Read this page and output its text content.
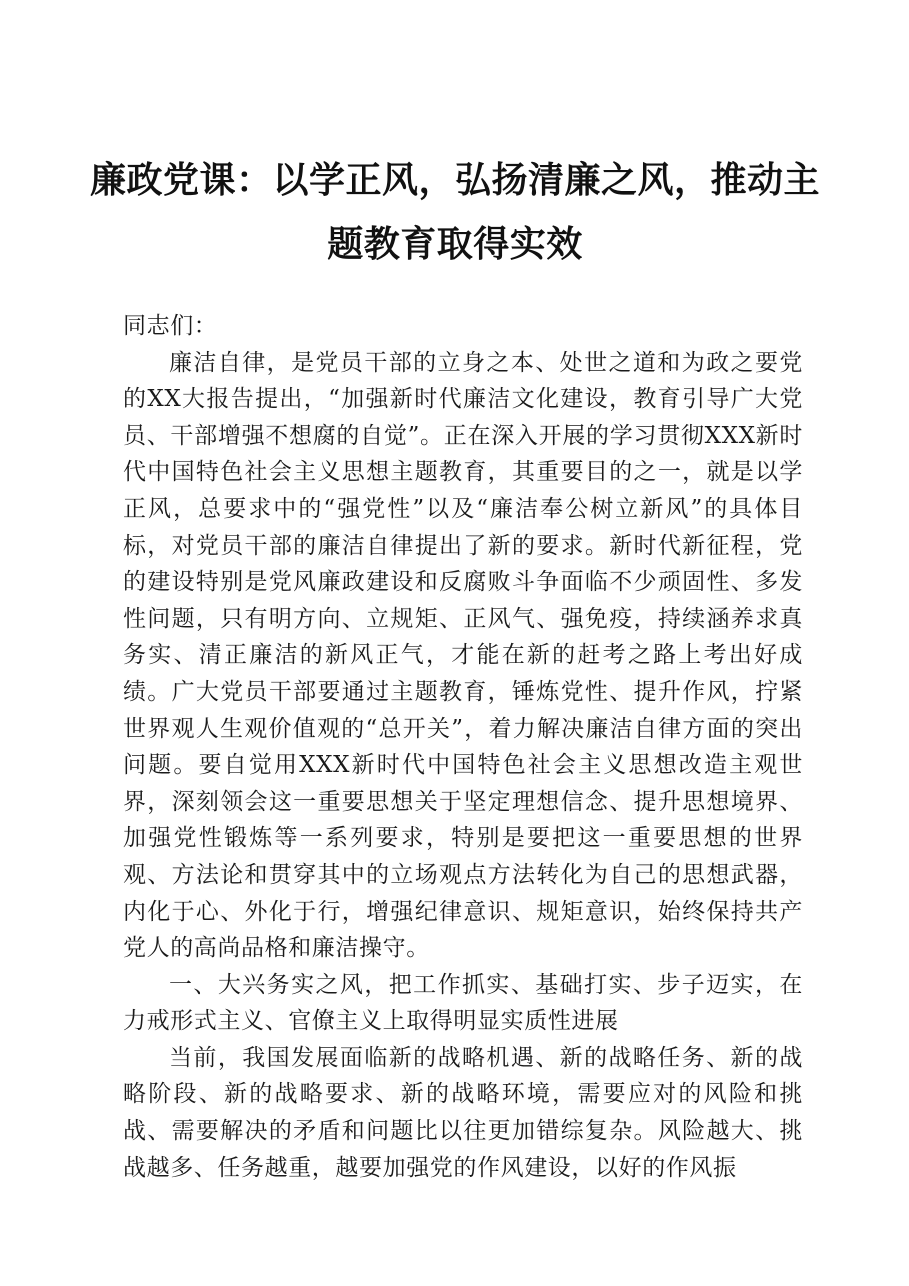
廉政党课：以学正风，弘扬清廉之风，推动主题教育取得实效

同志们：

廉洁自律，是党员干部的立身之本、处世之道和为政之要党的XX大报告提出，“加强新时代廉洁文化建设，教育引导广大党员、干部增强不想腐的自觉”。正在深入开展的学习贯彻XXX新时代中国特色社会主义思想主题教育，其重要目的之一，就是以学正风，总要求中的“强党性”以及“廉洁奉公树立新风”的具体目标，对党员干部的廉洁自律提出了新的要求。新时代新征程，党的建设特别是党风廉政建设和反腐败斗争面临不少顽固性、多发性问题，只有明方向、立规矩、正风气、强免疫，持续涵养求真务实、清正廉洁的新风正气，才能在新的赶考之路上考出好成绩。广大党员干部要通过主题教育，锤炼党性、提升作风，拧紧世界观人生观价值观的“总开关”，着力解决廉洁自律方面的突出问题。要自觉用XXX新时代中国特色社会主义思想改造主观世界，深刻领会这一重要思想关于坚定理想信念、提升思想境界、加强党性锻炼等一系列要求，特别是要把这一重要思想的世界观、方法论和贯穿其中的立场观点方法转化为自己的思想武器，内化于心、外化于行，增强纪律意识、规矩意识，始终保持共产党人的高尚品格和廉洁操守。

一、大兴务实之风，把工作抓实、基础打实、步子迈实，在力戒形式主义、官僚主义上取得明显实质性进展

当前，我国发展面临新的战略机遇、新的战略任务、新的战略阶段、新的战略要求、新的战略环境，需要应对的风险和挑战、需要解决的矛盾和问题比以往更加错综复杂。风险越大、挑战越多、任务越重，越要加强党的作风建设，以好的作风振
